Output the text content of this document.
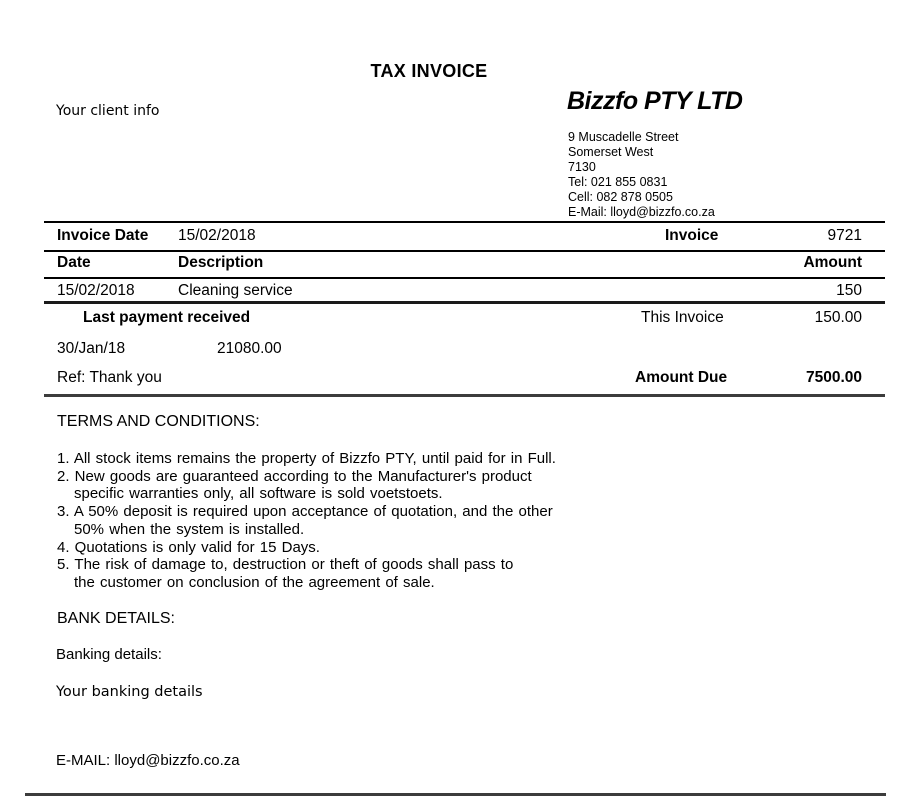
TAX INVOICE
Your client info	Bizzfo PTY LTD
9 Muscadelle Street
Somerset West
7130
Tel: 021 855 0831
Cell: 082 878 0505
E-Mail: lloyd@bizzfo.co.za
Invoice Date 15/02/2018	Invoice	9721
Date	Description	Amount
15/02/2018	Cleaning service	150
Last payment received	This Invoice	150.00
30/Jan/18	21080.00
Ref: Thank you	Amount Due	7500.00
TERMS AND CONDITIONS:
1. All stock items remains the property of Bizzfo PTY, until paid for in Full.
2. New goods are guaranteed according to the Manufacturer's product
specific warranties only, all software is sold voetstoets.
3. A 50% deposit is required upon acceptance of quotation, and the other
50% when the system is installed.
4. Quotations is only valid for 15 Days.
5. The risk of damage to, destruction or theft of goods shall pass to
the customer on conclusion of the agreement of sale.
BANK DETAILS:
Banking details:
Your banking details
E-MAIL: lloyd@bizzfo.co.za
